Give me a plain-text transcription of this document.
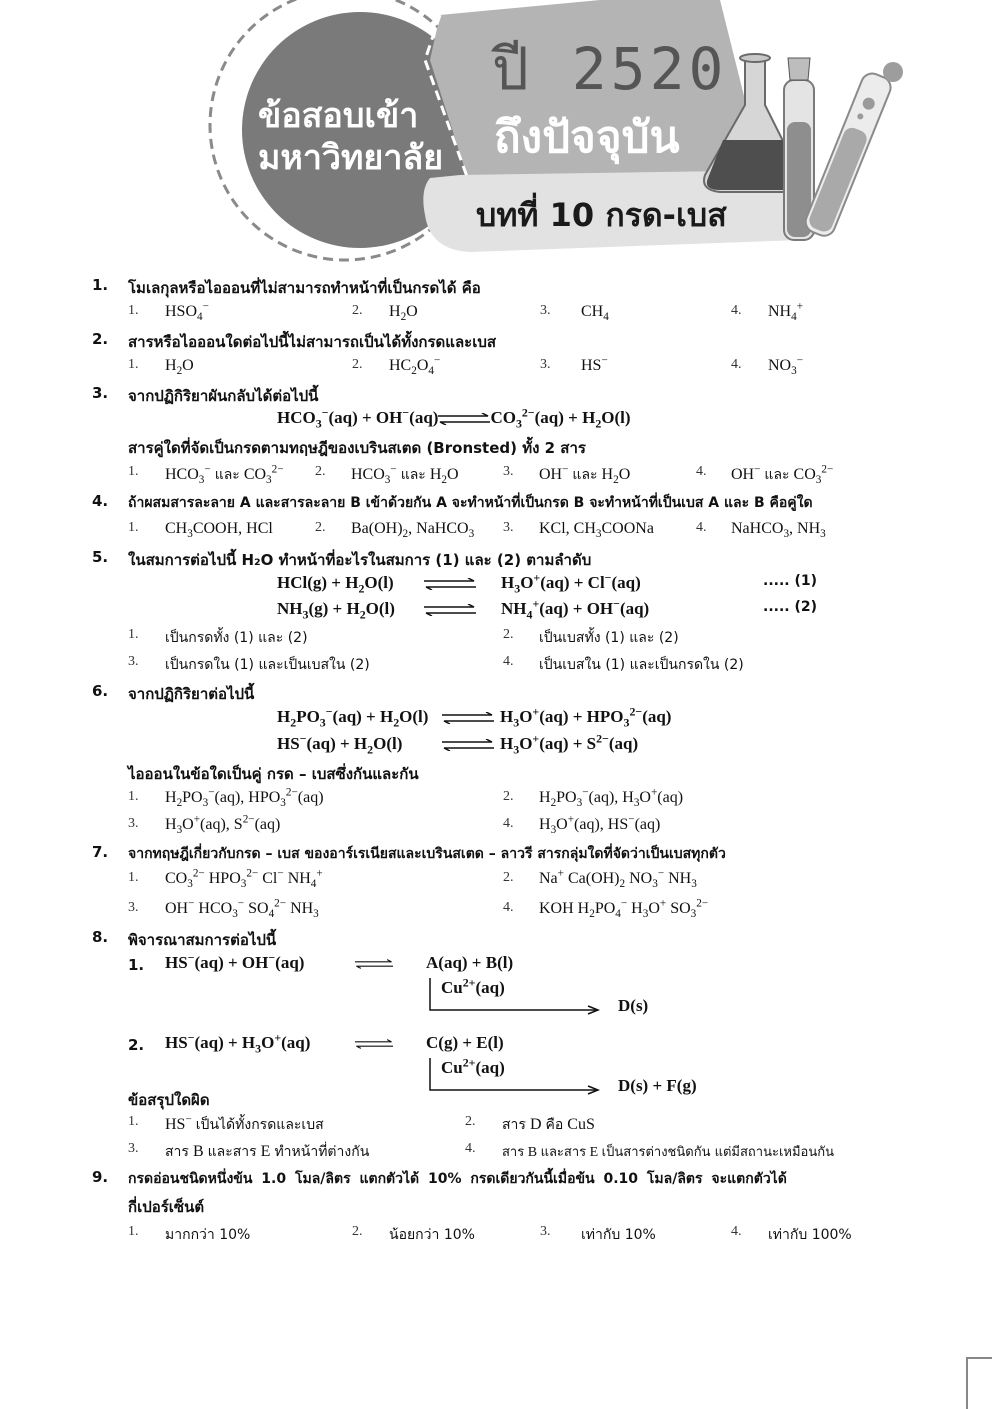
ข้อสอบเข้า
มหาวิทยาลัย
ปี 2520
ถึงปัจจุบัน
บทที่ 10 กรด-เบส
1. โมเลกุลหรือไอออนที่ไม่สามารถทำหน้าที่เป็นกรดได้ คือ
1. $HSO_4^-$	2. $H_2O$	3. $CH_4$	4. $NH_4^+$
2. สารหรือไอออนใดต่อไปนี้ไม่สามารถเป็นได้ทั้งกรดและเบส
1. $H_2O$	2. $HC_2O_4^-$	3. HS−	4. $NO_3^-$
3. จากปฏิกิริยาผันกลับได้ต่อไปนี้
$HCO_3^-(aq)$ + $OH^-(aq)\rightleftharpoons CO_3^{2-}(aq) + H_2O(l)$
สารคู่ใดที่จัดเป็นกรดตามทฤษฎีของเบรินสเตด (Bronsted) ทั้ง 2 สาร
1. $HCO_3^-$ และ $CO_3^{2-}$ 2. $HCO_3^-$ และ $H_2O$	3. OH− และ $H_2O$	4. OH− และ $CO_3^{2-}$
4. ถ้าผสมสารละลาย A และสารละลาย B เข้าด้วยกัน A จะทำหน้าที่เป็นกรด B จะทำหน้าที่เป็นเบส A และ B คือคู่ใด
1. $CH_3COOH$, HCl	2. $Ba(OH)_2$, NaHCO$_3$ 3. KCl, $CH_3COONa$	4. NaHCO$_3$, $NH_3$
5. ในสมการต่อไปนี้ H₂O ทำหน้าที่อะไรในสมการ (1) และ (2) ตามลำดับ
$HCl(g) + H_2O(l)$	$H_3O^+(aq) + Cl^-(aq)$	..... (1)
$NH_3(g) + H_2O(l)$	$NH_4^+(aq) + OH^-(aq)$	..... (2)
1. เป็นกรดทั้ง (1) และ (2)	2. เป็นเบสทั้ง (1) และ (2)
3. เป็นกรดใน (1) และเป็นเบสใน (2)	4. เป็นเบสใน (1) และเป็นกรดใน (2)
6. จากปฏิกิริยาต่อไปนี้
$H_2PO_3^-(aq) + H_2O(l)$ ⇌ $H_3O^+(aq) + HPO_3^{2-}(aq)$
$HS^-(aq) + H_2O(l)$ ⇌ $H_3O^+(aq) + S^{2-}(aq)$
ไอออนในข้อใดเป็นคู่ กรด – เบสซึ่งกันและกัน
1. $H_2PO_3^-(aq)$, $HPO_3^{2-}(aq)$	2. $H_2PO_3^-(aq)$, $H_3O^+(aq)$
3. $H_3O^+(aq)$, $S^{2-}(aq)$	4. $H_3O^+(aq)$, HS−(aq)
7. จากทฤษฎีเกี่ยวกับกรด – เบส ของอาร์เรเนียสและเบรินสเตด – ลาวรี สารกลุ่มใดที่จัดว่าเป็นเบสทุกตัว
1. $CO_3^{2-}$ $HPO_3^{2-}$ Cl− $NH_4^+$	2. Na+ $Ca(OH)_2$ $NO_3^-$ $NH_3$
3. OH− $HCO_3^-$ $SO_4^{2-}$ $NH_3$	4. KOH $H_2PO_4^-$ $H_3O^+$ $SO_3^{2-}$
8. พิจารณาสมการต่อไปนี้
1. HS−(aq) + OH−(aq)	A(aq) + B(l)
$Cu^{2+}(aq)$
D(s)
2. $HS^-(aq) + H_3O^+(aq)$	C(g) + E(l)
$Cu^{2+}(aq)$
D(s) + F(g)
ข้อสรุปใดผิด
1. HS− เป็นได้ทั้งกรดและเบส	2. สาร D คือ CuS
3. สาร B และสาร E ทำหน้าที่ต่างกัน	4. สาร B และสาร E เป็นสารต่างชนิดกัน แต่มีสถานะเหมือนกัน
9. กรดอ่อนชนิดหนึ่งข้น 1.0 โมล/ลิตร แตกตัวได้ 10% กรดเดียวกันนี้เมื่อข้น 0.10 โมล/ลิตร จะแตกตัวได้
กี่เปอร์เซ็นต์
1. มากกว่า 10%	2. น้อยกว่า 10%	3. เท่ากับ 10%	4. เท่ากับ 100%
